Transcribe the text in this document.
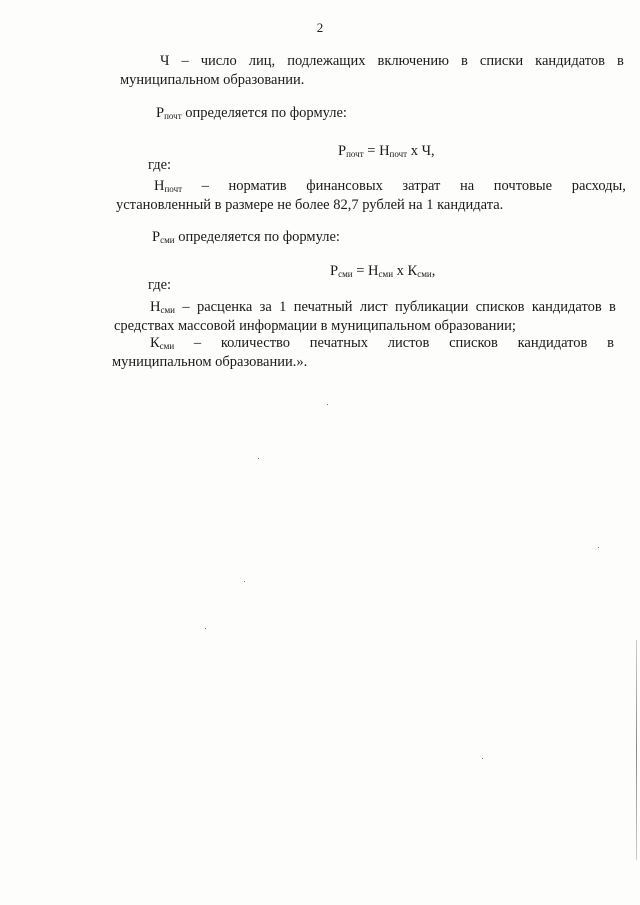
2
Ч – число лиц, подлежащих включению в списки кандидатов в
муниципальном образовании.
$Р_{почт}$ определяется по формуле:
$Р_{почт} = Н_{почт}$ х Ч,
где:
$Н_{почт}$ – норматив финансовых затрат на почтовые расходы,
установленный в размере не более 82,7 рублей на 1 кандидата.
$Р_{сми}$ определяется по формуле:
$Р_{сми} = Н_{сми}$ х $К_{сми}$,
где:
$Н_{сми}$ – расценка за 1 печатный лист публикации списков кандидатов в
средствах массовой информации в муниципальном образовании;
$К_{сми}$ – количество печатных листов списков кандидатов в
муниципальном образовании.».
